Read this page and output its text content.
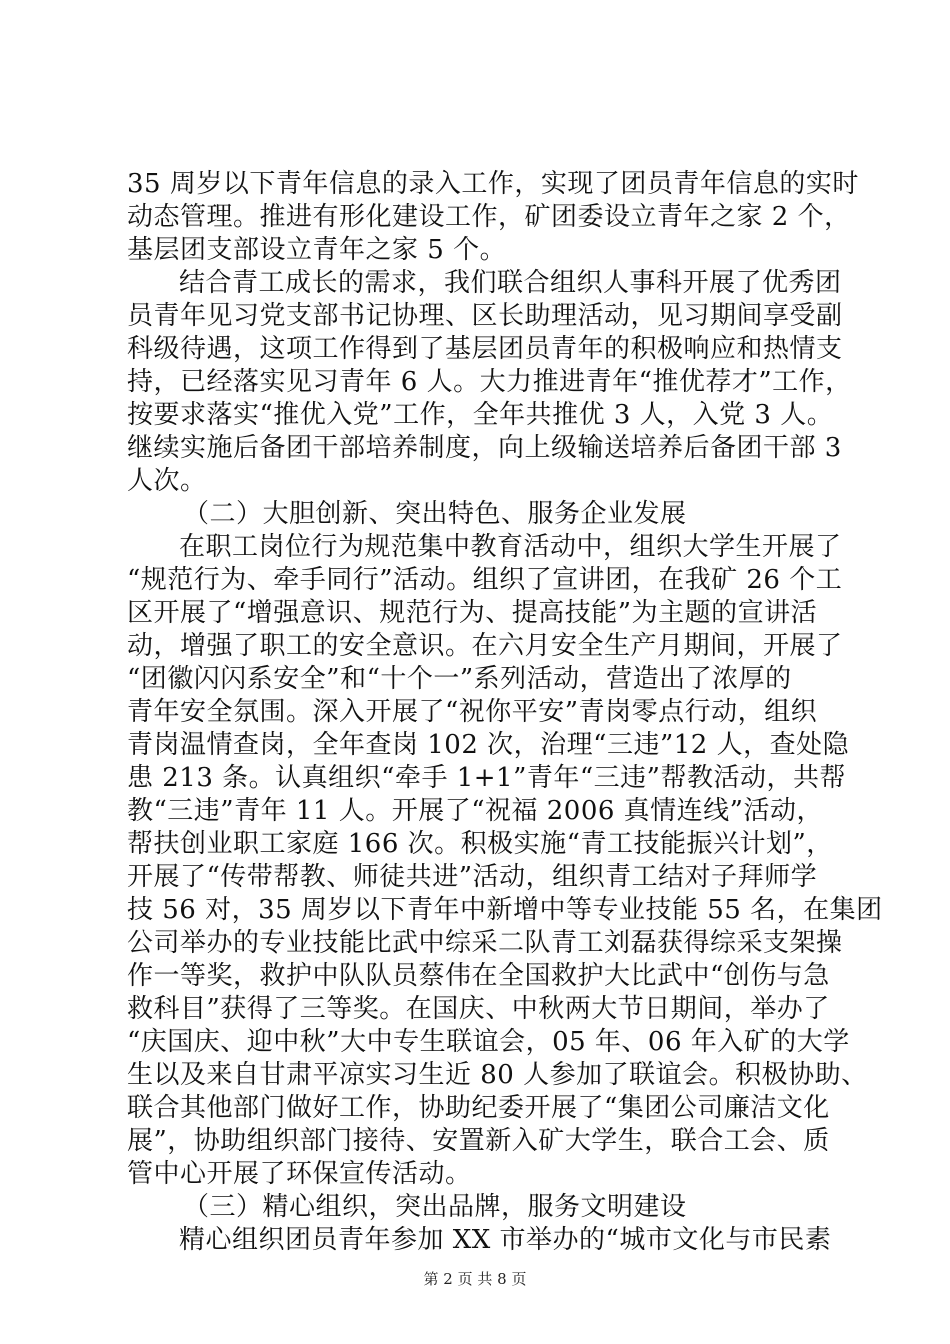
35 周岁以下青年信息的录入工作，实现了团员青年信息的实时
动态管理。推进有形化建设工作，矿团委设立青年之家 2 个，
基层团支部设立青年之家 5 个。
结合青工成长的需求，我们联合组织人事科开展了优秀团
员青年见习党支部书记协理、区长助理活动，见习期间享受副
科级待遇，这项工作得到了基层团员青年的积极响应和热情支
持，已经落实见习青年 6 人。大力推进青年“推优荐才”工作，
按要求落实“推优入党”工作，全年共推优 3 人，入党 3 人。
继续实施后备团干部培养制度，向上级输送培养后备团干部 3
人次。
（二）大胆创新、突出特色、服务企业发展
在职工岗位行为规范集中教育活动中，组织大学生开展了
“规范行为、牵手同行”活动。组织了宣讲团，在我矿 26 个工
区开展了“增强意识、规范行为、提高技能”为主题的宣讲活
动，增强了职工的安全意识。在六月安全生产月期间，开展了
“团徽闪闪系安全”和“十个一”系列活动，营造出了浓厚的
青年安全氛围。深入开展了“祝你平安”青岗零点行动，组织
青岗温情查岗，全年查岗 102 次，治理“三违”12 人，查处隐
患 213 条。认真组织“牵手 1+1”青年“三违”帮教活动，共帮
教“三违”青年 11 人。开展了“祝福 2006 真情连线”活动，
帮扶创业职工家庭 166 次。积极实施“青工技能振兴计划”，
开展了“传带帮教、师徒共进”活动，组织青工结对子拜师学
技 56 对，35 周岁以下青年中新增中等专业技能 55 名，在集团
公司举办的专业技能比武中综采二队青工刘磊获得综采支架操
作一等奖，救护中队队员蔡伟在全国救护大比武中“创伤与急
救科目”获得了三等奖。在国庆、中秋两大节日期间，举办了
“庆国庆、迎中秋”大中专生联谊会，05 年、06 年入矿的大学
生以及来自甘肃平凉实习生近 80 人参加了联谊会。积极协助、
联合其他部门做好工作，协助纪委开展了“集团公司廉洁文化
展”，协助组织部门接待、安置新入矿大学生，联合工会、质
管中心开展了环保宣传活动。
（三）精心组织，突出品牌，服务文明建设
精心组织团员青年参加 XX 市举办的“城市文化与市民素
第 2 页 共 8 页
